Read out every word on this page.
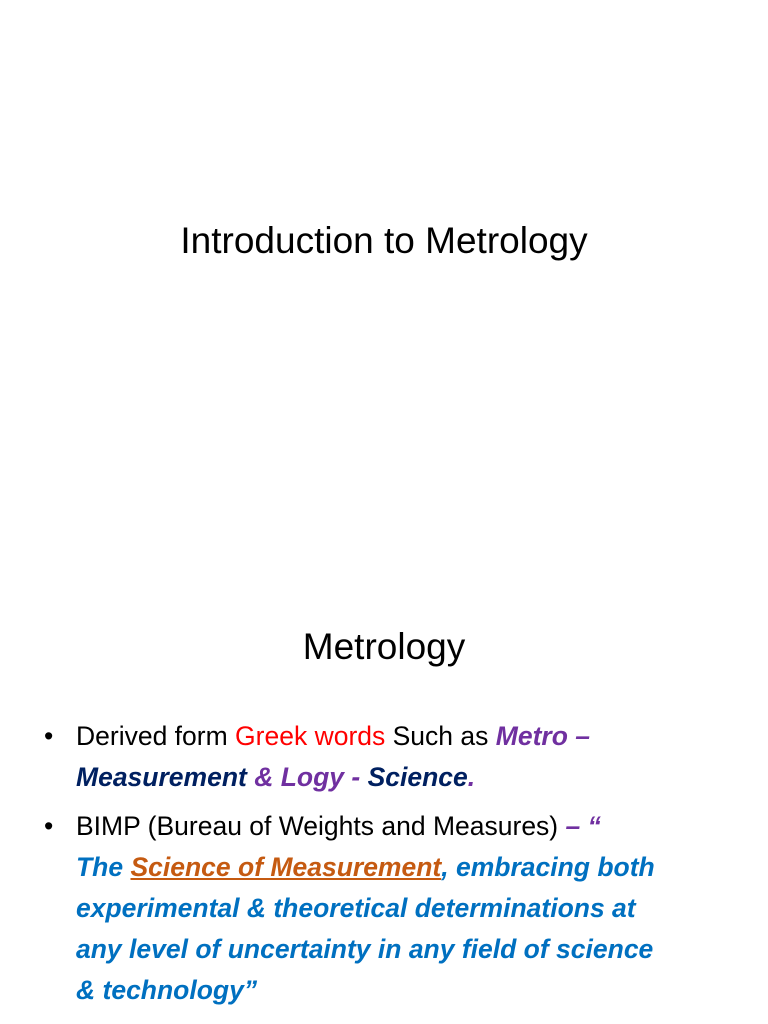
Introduction to Metrology
Metrology
• Derived form Greek words Such as Metro –
Measurement & Logy - Science.
• BIMP (Bureau of Weights and Measures) – “
The Science of Measurement, embracing both
experimental & theoretical determinations at
any level of uncertainty in any field of science
& technology”
